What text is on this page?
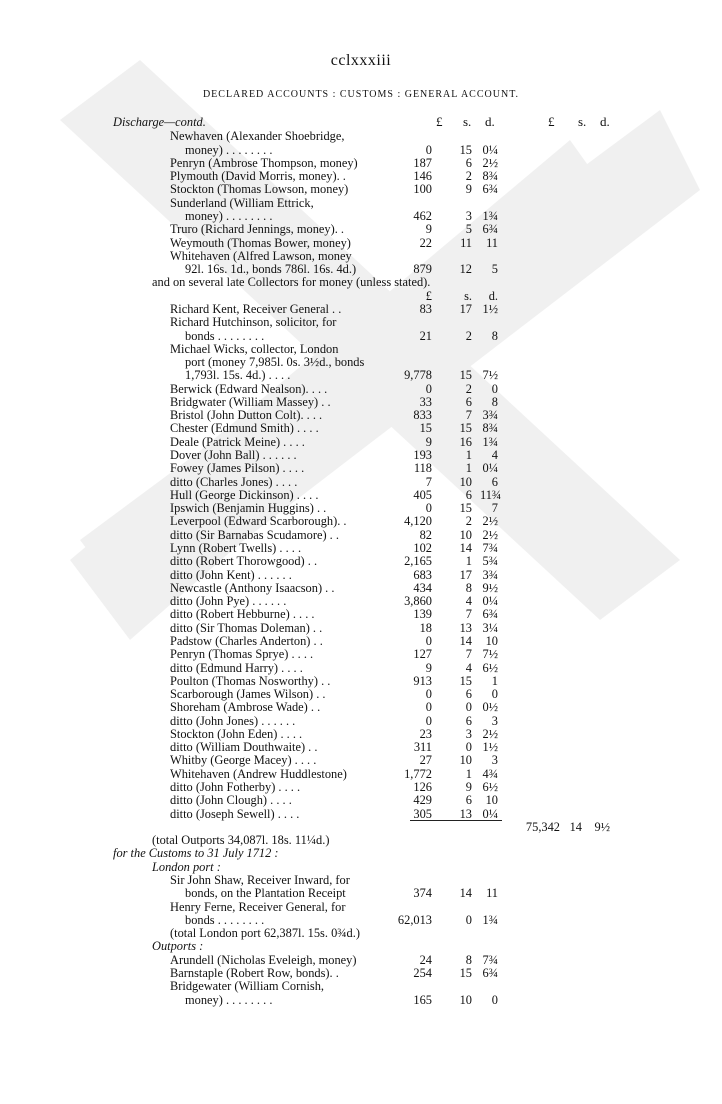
cclxxxiii
DECLARED ACCOUNTS : CUSTOMS : GENERAL ACCOUNT.
£ s. d.	£ s. d.
Discharge—contd.
Newhaven (Alexander Shoebridge,
money) . . . . . . . .	0	15 0¼
Penryn (Ambrose Thompson, money)	187	6 2½
Plymouth (David Morris, money). .	146	2 8¾
Stockton (Thomas Lowson, money)	100	9 6¾
Sunderland (William Ettrick,
money) . . . . . . . .	462	3 1¾
Truro (Richard Jennings, money). .	9	5 6¾
Weymouth (Thomas Bower, money)	22	11	11
Whitehaven (Alfred Lawson, money
92l. 16s. 1d., bonds 786l. 16s. 4d.)	879	12	5
and on several late Collectors for money (unless stated).
£	s.	d.
Richard Kent, Receiver General . .	83	17 1½
Richard Hutchinson, solicitor, for
bonds . . . . . . . .	21	2	8
Michael Wicks, collector, London
port (money 7,985l. 0s. 3½d., bonds
1,793l. 15s. 4d.) . . . .	9,778	15 7½
Berwick (Edward Nealson). . . .	0	2	0
Bridgwater (William Massey) . .	33	6	8
Bristol (John Dutton Colt). . . .	833	7 3¾
Chester (Edmund Smith) . . . .	15	15 8¾
Deale (Patrick Meine) . . . .	9	16 1¾
Dover (John Ball) . . . . . .	193	1	4
Fowey (James Pilson) . . . .	118	1 0¼
ditto (Charles Jones) . . . .	7	10	6
Hull (George Dickinson) . . . .	405	6 11¾
Ipswich (Benjamin Huggins) . .	0	15	7
Leverpool (Edward Scarborough). .	4,120	2 2½
ditto (Sir Barnabas Scudamore) . .	82	10 2½
Lynn (Robert Twells) . . . .	102	14 7¾
ditto (Robert Thorowgood) . .	2,165	1 5¾
ditto (John Kent) . . . . . .	683	17 3¾
Newcastle (Anthony Isaacson) . .	434	8 9½
ditto (John Pye) . . . . . .	3,860	4 0¼
ditto (Robert Hebburne) . . . .	139	7 6¾
ditto (Sir Thomas Doleman) . .	18	13 3¼
Padstow (Charles Anderton) . .	0	14	10
Penryn (Thomas Sprye) . . . .	127	7 7½
ditto (Edmund Harry) . . . .	9	4 6½
Poulton (Thomas Nosworthy) . .	913	15	1
Scarborough (James Wilson) . .	0	6	0
Shoreham (Ambrose Wade) . .	0	0 0½
ditto (John Jones) . . . . . .	0	6	3
Stockton (John Eden) . . . .	23	3 2½
ditto (William Douthwaite) . .	311	0 1½
Whitby (George Macey) . . . .	27	10	3
Whitehaven (Andrew Huddlestone)	1,772	1 4¾
ditto (John Fotherby) . . . .	126	9 6½
ditto (John Clough) . . . .	429	6	10
ditto (Joseph Sewell) . . . .	305	13 0¼
75,342 14 9½
(total Outports 34,087l. 18s. 11¼d.)
for the Customs to 31 July 1712 :
London port :
Sir John Shaw, Receiver Inward, for
bonds, on the Plantation Receipt	374	14	11
Henry Ferne, Receiver General, for
bonds . . . . . . . .	62,013	0 1¾
(total London port 62,387l. 15s. 0¾d.)
Outports :
Arundell (Nicholas Eveleigh, money)	24	8 7¾
Barnstaple (Robert Row, bonds). .	254	15 6¾
Bridgewater (William Cornish,
money) . . . . . . . .	165	10	0
